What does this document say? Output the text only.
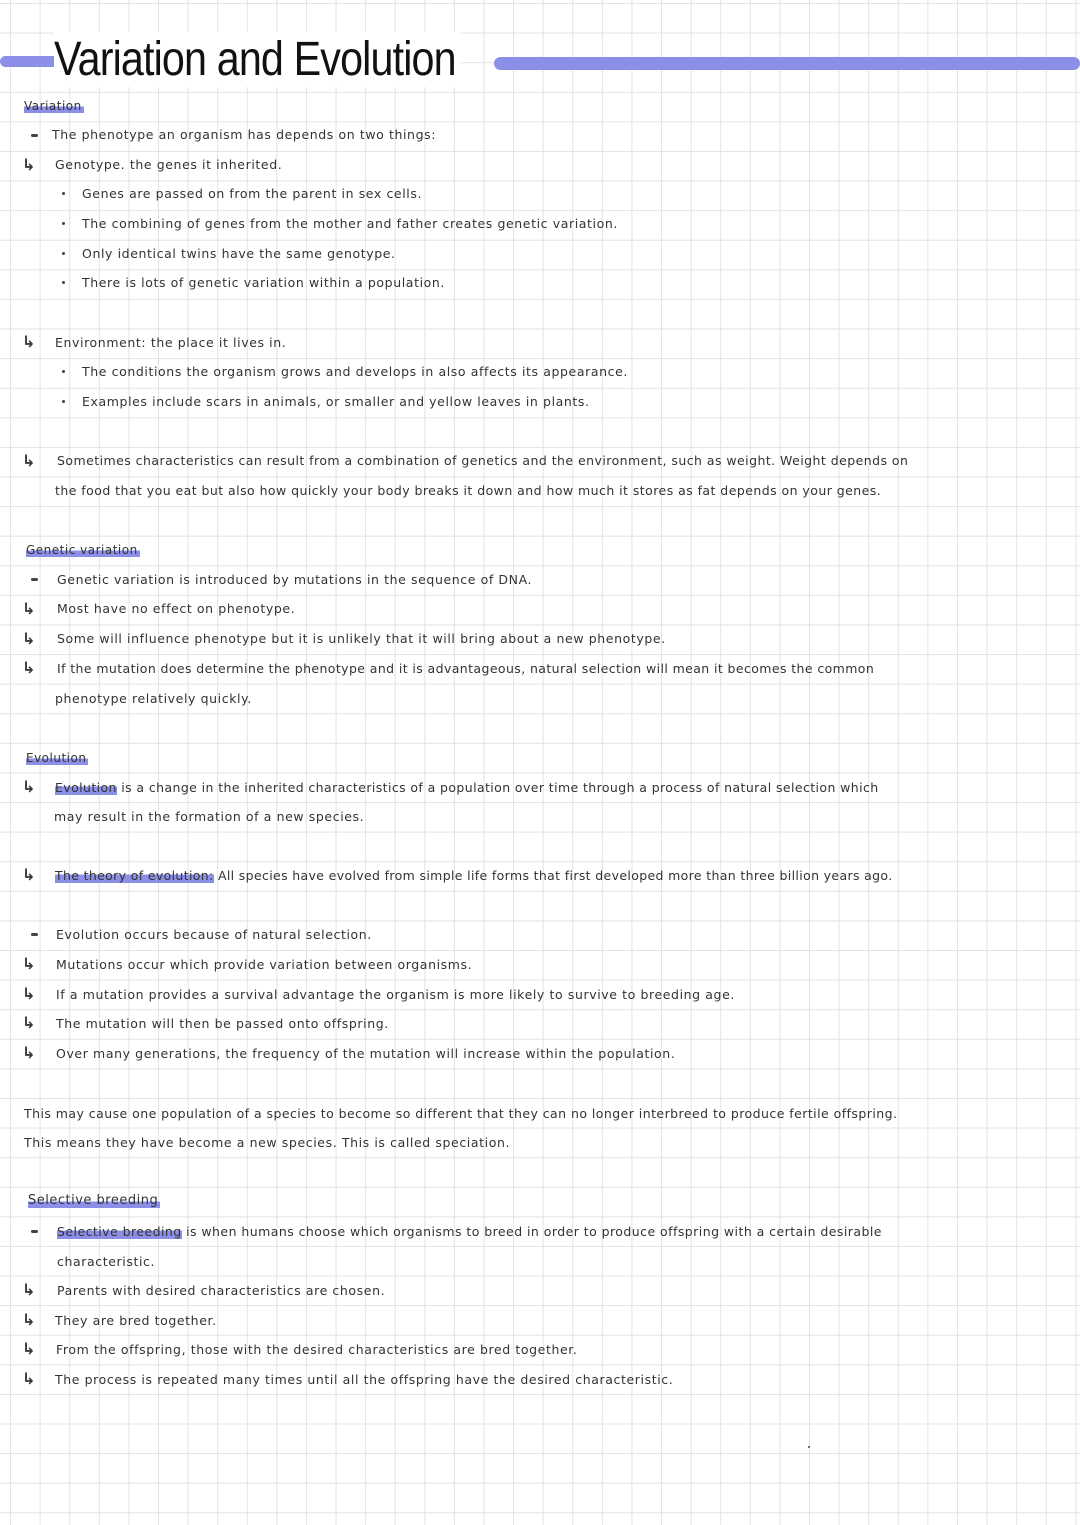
Variation and Evolution
Variation
The phenotype an organism has depends on two things:
↳ Genotype. the genes it inherited.
Genes are passed on from the parent in sex cells.
The combining of genes from the mother and father creates genetic variation.
Only identical twins have the same genotype.
There is lots of genetic variation within a population.
↳ Environment: the place it lives in.
The conditions the organism grows and develops in also affects its appearance.
Examples include scars in animals, or smaller and yellow leaves in plants.
↳ Sometimes characteristics can result from a combination of genetics and the environment, such as weight. Weight depends on
the food that you eat but also how quickly your body breaks it down and how much it stores as fat depends on your genes.
Genetic variation
Genetic variation is introduced by mutations in the sequence of DNA.
↳ Most have no effect on phenotype.
↳ Some will influence phenotype but it is unlikely that it will bring about a new phenotype.
↳ If the mutation does determine the phenotype and it is advantageous, natural selection will mean it becomes the common
phenotype relatively quickly.
Evolution
↳ Evolution is a change in the inherited characteristics of a population over time through a process of natural selection which
may result in the formation of a new species.
↳ The theory of evolution: All species have evolved from simple life forms that first developed more than three billion years ago.
Evolution occurs because of natural selection.
↳ Mutations occur which provide variation between organisms.
↳ If a mutation provides a survival advantage the organism is more likely to survive to breeding age.
↳ The mutation will then be passed onto offspring.
↳ Over many generations, the frequency of the mutation will increase within the population.
This may cause one population of a species to become so different that they can no longer interbreed to produce fertile offspring.
This means they have become a new species. This is called speciation.
Selective breeding
Selective breeding is when humans choose which organisms to breed in order to produce offspring with a certain desirable
characteristic.
↳ Parents with desired characteristics are chosen.
↳ They are bred together.
↳ From the offspring, those with the desired characteristics are bred together.
↳ The process is repeated many times until all the offspring have the desired characteristic.
